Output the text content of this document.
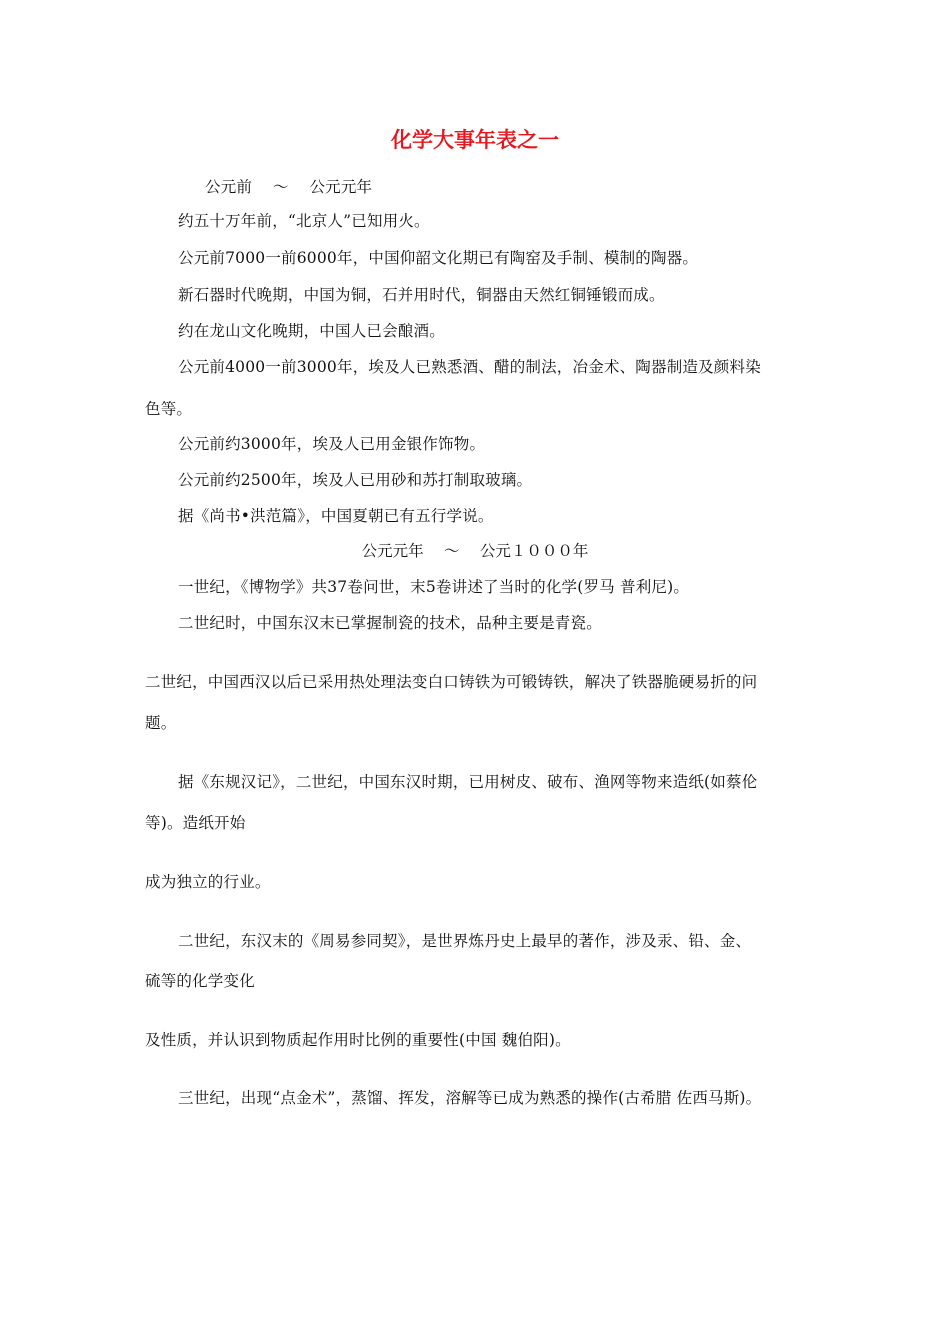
化学大事年表之一
公元前　 ～　 公元元年
约五十万年前，“北京人”已知用火。
公元前7000一前6000年，中国仰韶文化期已有陶窑及手制、模制的陶器。
新石器时代晚期，中国为铜，石并用时代，铜器由天然红铜锤锻而成。
约在龙山文化晚期，中国人已会酿酒。
公元前4000一前3000年，埃及人已熟悉酒、醋的制法，冶金术、陶器制造及颜料染
色等。
公元前约3000年，埃及人已用金银作饰物。
公元前约2500年，埃及人已用砂和苏打制取玻璃。
据《尚书•洪范篇》，中国夏朝已有五行学说。
公元元年　 ～　 公元１０００年
一世纪，《博物学》共37卷问世，末5卷讲述了当时的化学(罗马 普利尼)。
二世纪时，中国东汉末已掌握制瓷的技术，品种主要是青瓷。
二世纪，中国西汉以后已采用热处理法变白口铸铁为可锻铸铁，解决了铁器脆硬易折的问
题。
据《东规汉记》，二世纪，中国东汉时期，已用树皮、破布、渔网等物来造纸(如蔡伦
等)。造纸开始
成为独立的行业。
二世纪，东汉末的《周易参同契》，是世界炼丹史上最早的著作，涉及汞、铅、金、
硫等的化学变化
及性质，并认识到物质起作用时比例的重要性(中国 魏伯阳)。
三世纪，出现“点金术”，蒸馏、挥发，溶解等已成为熟悉的操作(古希腊 佐西马斯)。
